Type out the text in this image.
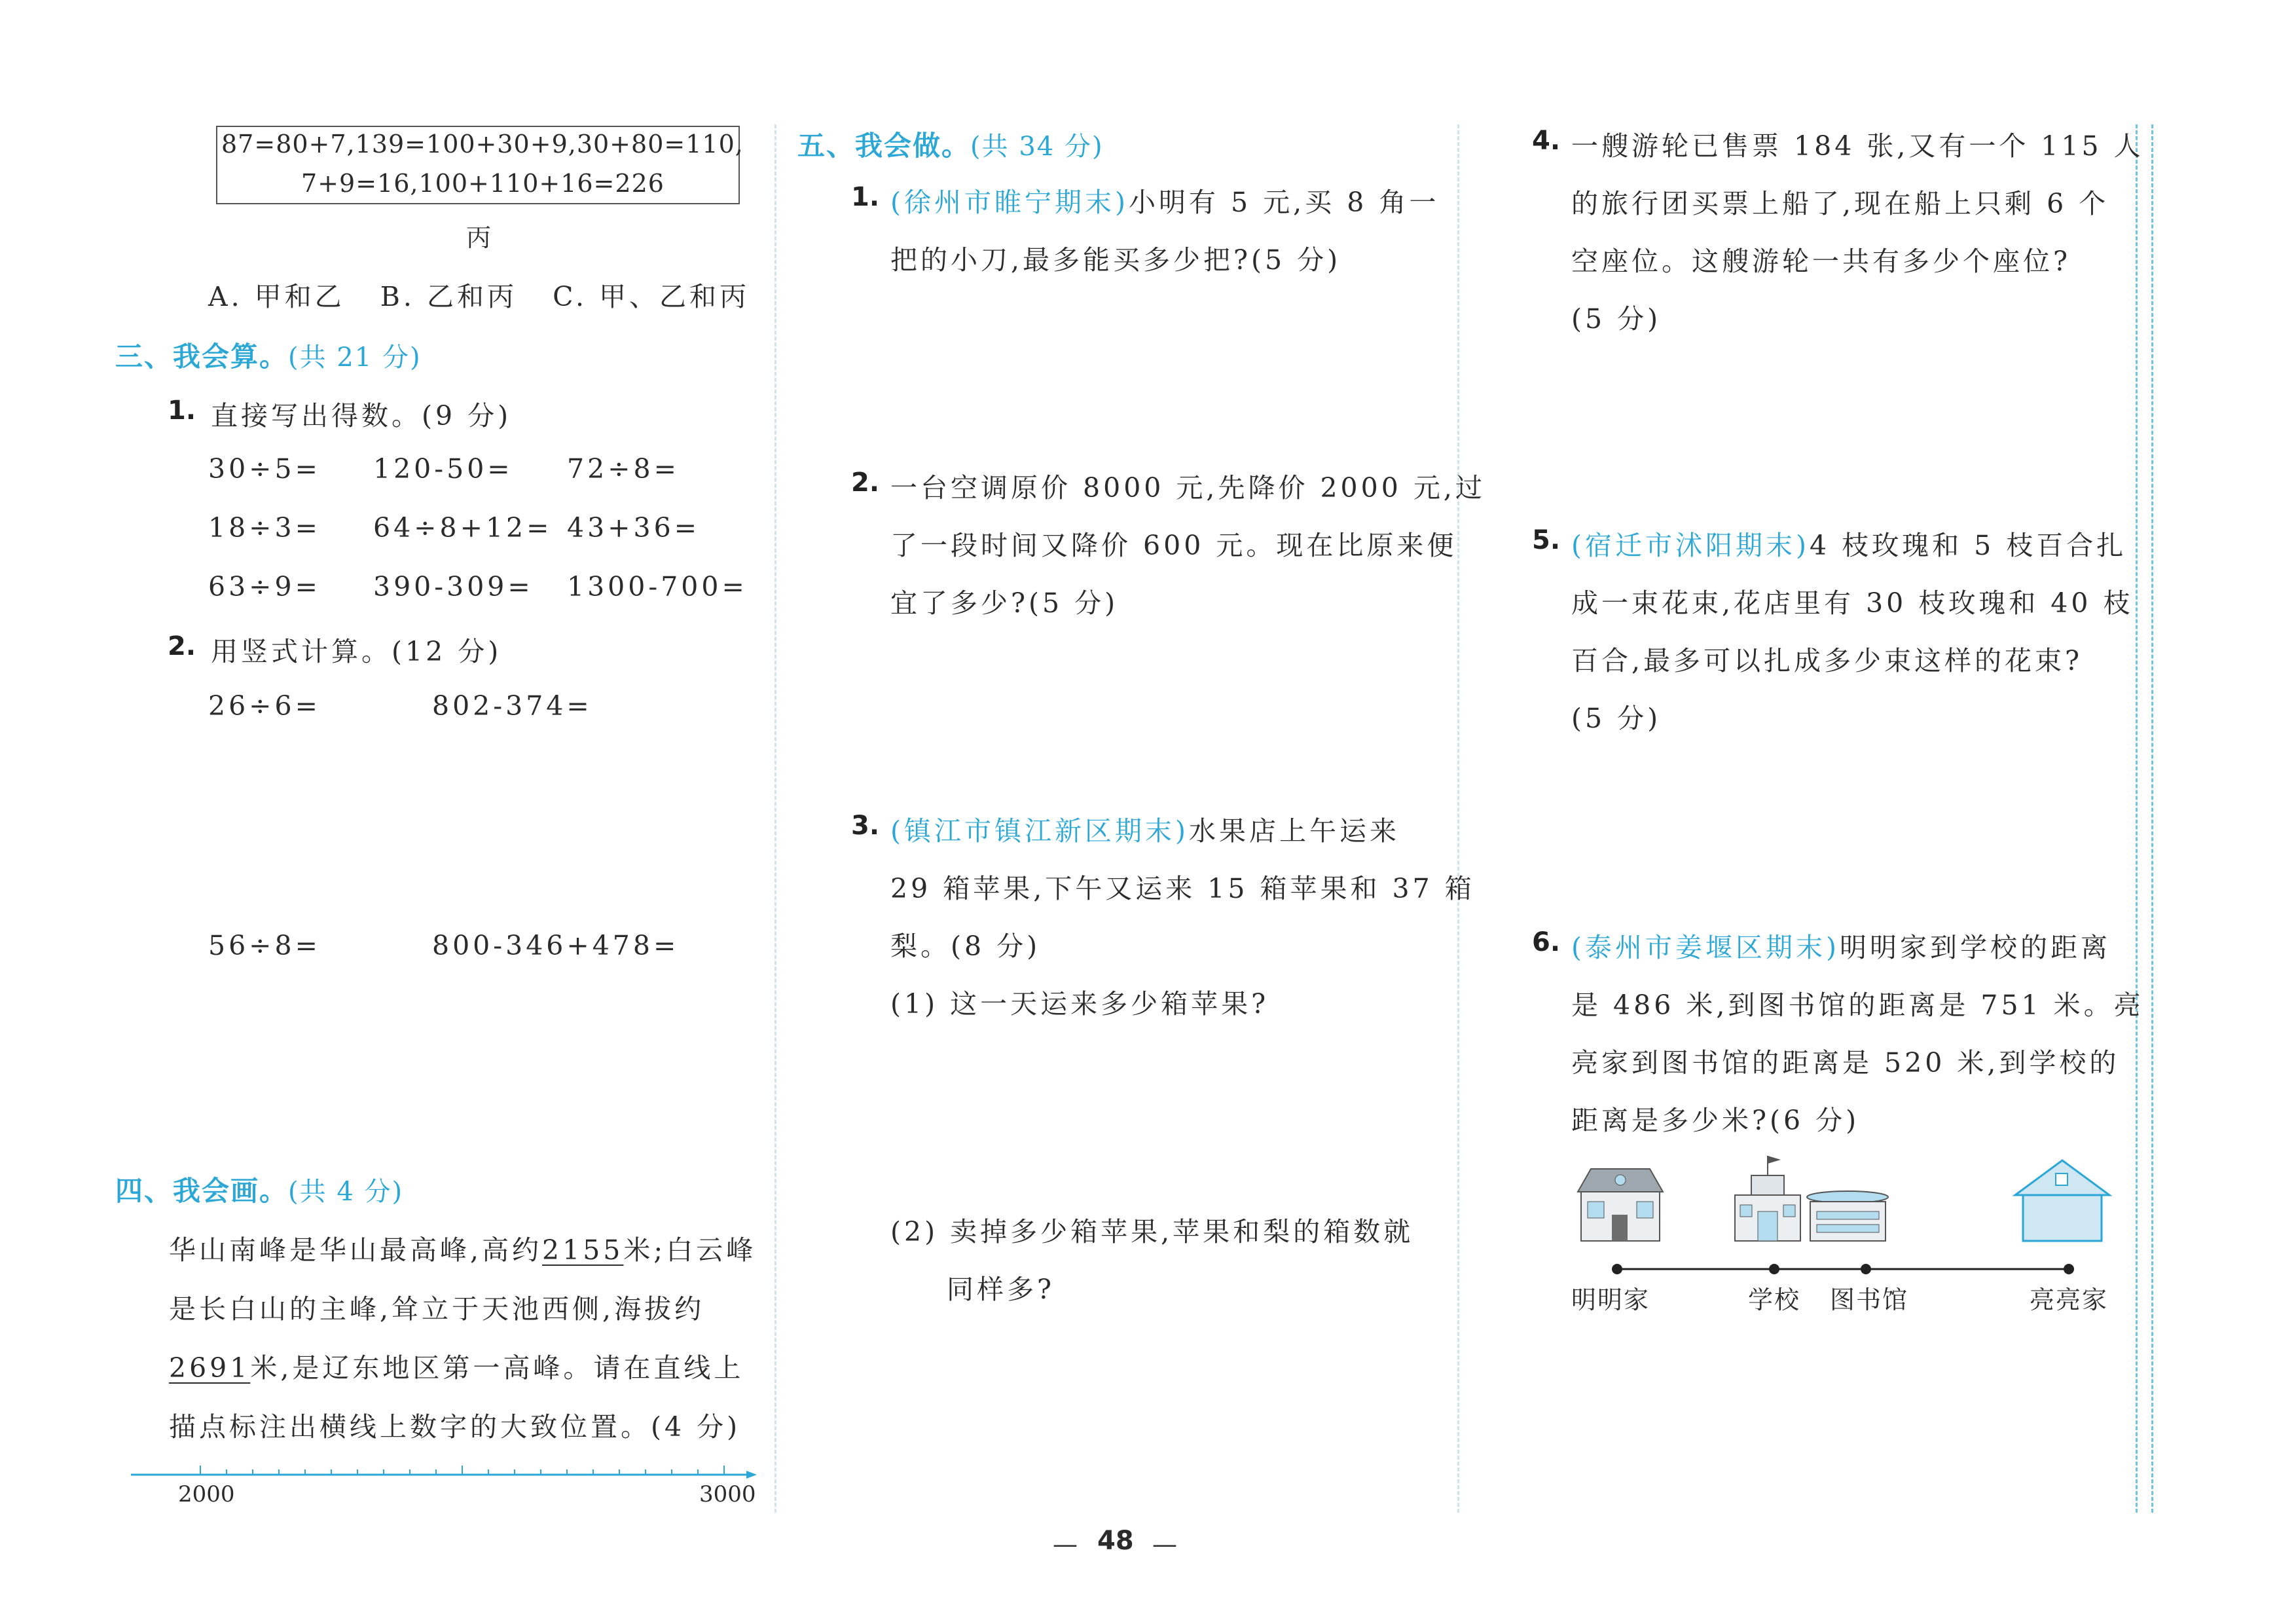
87=80+7,139=100+30+9,30+80=110,
7+9=16,100+110+16=226
丙
A. 甲和乙   B. 乙和丙   C. 甲、乙和丙
三、我会算。(共 21 分)
1. 直接写出得数。(9 分)
30÷5= 120-50= 72÷8=
18÷3= 64÷8+12= 43+36=
63÷9= 390-309= 1300-700=
2. 用竖式计算。(12 分)
26÷6=	802-374=
56÷8=	800-346+478=
四、我会画。(共 4 分)
华山南峰是华山最高峰,高约2155米;白云峰
是长白山的主峰,耸立于天池西侧,海拔约
2691米,是辽东地区第一高峰。请在直线上
描点标注出横线上数字的大致位置。(4 分)
2000	3000
五、我会做。(共 34 分)
1. (徐州市睢宁期末)小明有 5 元,买 8 角一
把的小刀,最多能买多少把?(5 分)
2. 一台空调原价 8000 元,先降价 2000 元,过
了一段时间又降价 600 元。现在比原来便
宜了多少?(5 分)
3. (镇江市镇江新区期末)水果店上午运来
29 箱苹果,下午又运来 15 箱苹果和 37 箱
梨。(8 分)
(1) 这一天运来多少箱苹果?
(2) 卖掉多少箱苹果,苹果和梨的箱数就
同样多?
4. 一艘游轮已售票 184 张,又有一个 115 人
的旅行团买票上船了,现在船上只剩 6 个
空座位。这艘游轮一共有多少个座位?
(5 分)
5. (宿迁市沭阳期末)4 枝玫瑰和 5 枝百合扎
成一束花束,花店里有 30 枝玫瑰和 40 枝
百合,最多可以扎成多少束这样的花束?
(5 分)
6. (泰州市姜堰区期末)明明家到学校的距离
是 486 米,到图书馆的距离是 751 米。亮
亮家到图书馆的距离是 520 米,到学校的
距离是多少米?(6 分)
明明家	学校 图书馆	亮亮家
— 48 —
